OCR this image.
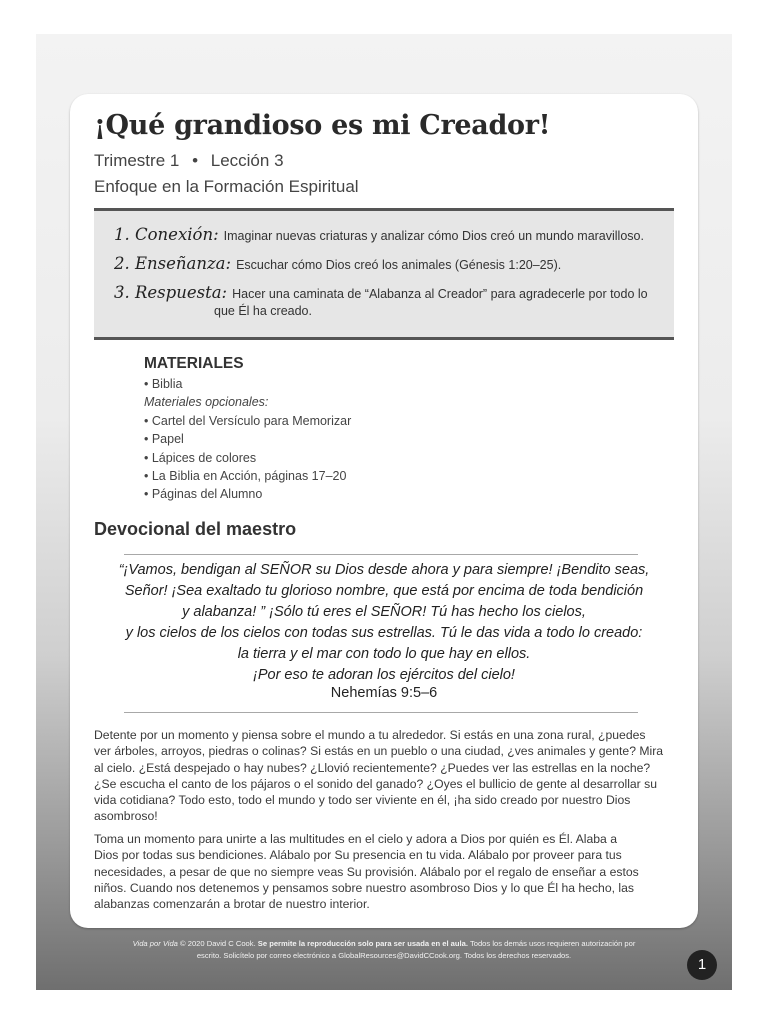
¡Qué grandioso es mi Creador!

Trimestre 1 • Lección 3

Enfoque en la Formación Espiritual

1. Conexión: Imaginar nuevas criaturas y analizar cómo Dios creó un mundo maravilloso.
2. Enseñanza: Escuchar cómo Dios creó los animales (Génesis 1:20–25).
3. Respuesta: Hacer una caminata de “Alabanza al Creador” para agradecerle por todo lo
que Él ha creado.
MATERIALES
• Biblia
Materiales opcionales:
• Cartel del Versículo para Memorizar
• Papel
• Lápices de colores
• La Biblia en Acción, páginas 17–20
• Páginas del Alumno
Devocional del maestro
“¡Vamos, bendigan al SEÑOR su Dios desde ahora y para siempre! ¡Bendito seas,
Señor! ¡Sea exaltado tu glorioso nombre, que está por encima de toda bendición
y alabanza! ” ¡Sólo tú eres el SEÑOR! Tú has hecho los cielos,
y los cielos de los cielos con todas sus estrellas. Tú le das vida a todo lo creado:
la tierra y el mar con todo lo que hay en ellos.
¡Por eso te adoran los ejércitos del cielo!
Nehemías 9:5–6
Detente por un momento y piensa sobre el mundo a tu alrededor. Si estás en una zona rural, ¿puedes
ver árboles, arroyos, piedras o colinas? Si estás en un pueblo o una ciudad, ¿ves animales y gente? Mira
al cielo. ¿Está despejado o hay nubes? ¿Llovió recientemente? ¿Puedes ver las estrellas en la noche?
¿Se escucha el canto de los pájaros o el sonido del ganado? ¿Oyes el bullicio de gente al desarrollar su
vida cotidiana? Todo esto, todo el mundo y todo ser viviente en él, ¡ha sido creado por nuestro Dios
asombroso!
Toma un momento para unirte a las multitudes en el cielo y adora a Dios por quién es Él. Alaba a
Dios por todas sus bendiciones. Alábalo por Su presencia en tu vida. Alábalo por proveer para tus
necesidades, a pesar de que no siempre veas Su provisión. Alábalo por el regalo de enseñar a estos
niños. Cuando nos detenemos y pensamos sobre nuestro asombroso Dios y lo que Él ha hecho, las
alabanzas comenzarán a brotar de nuestro interior.
Vida por Vida © 2020 David C Cook. Se permite la reproducción solo para ser usada en el aula. Todos los demás usos requieren autorización por
escrito. Solicítelo por correo electrónico a GlobalResources@DavidCCook.org. Todos los derechos reservados.
1
